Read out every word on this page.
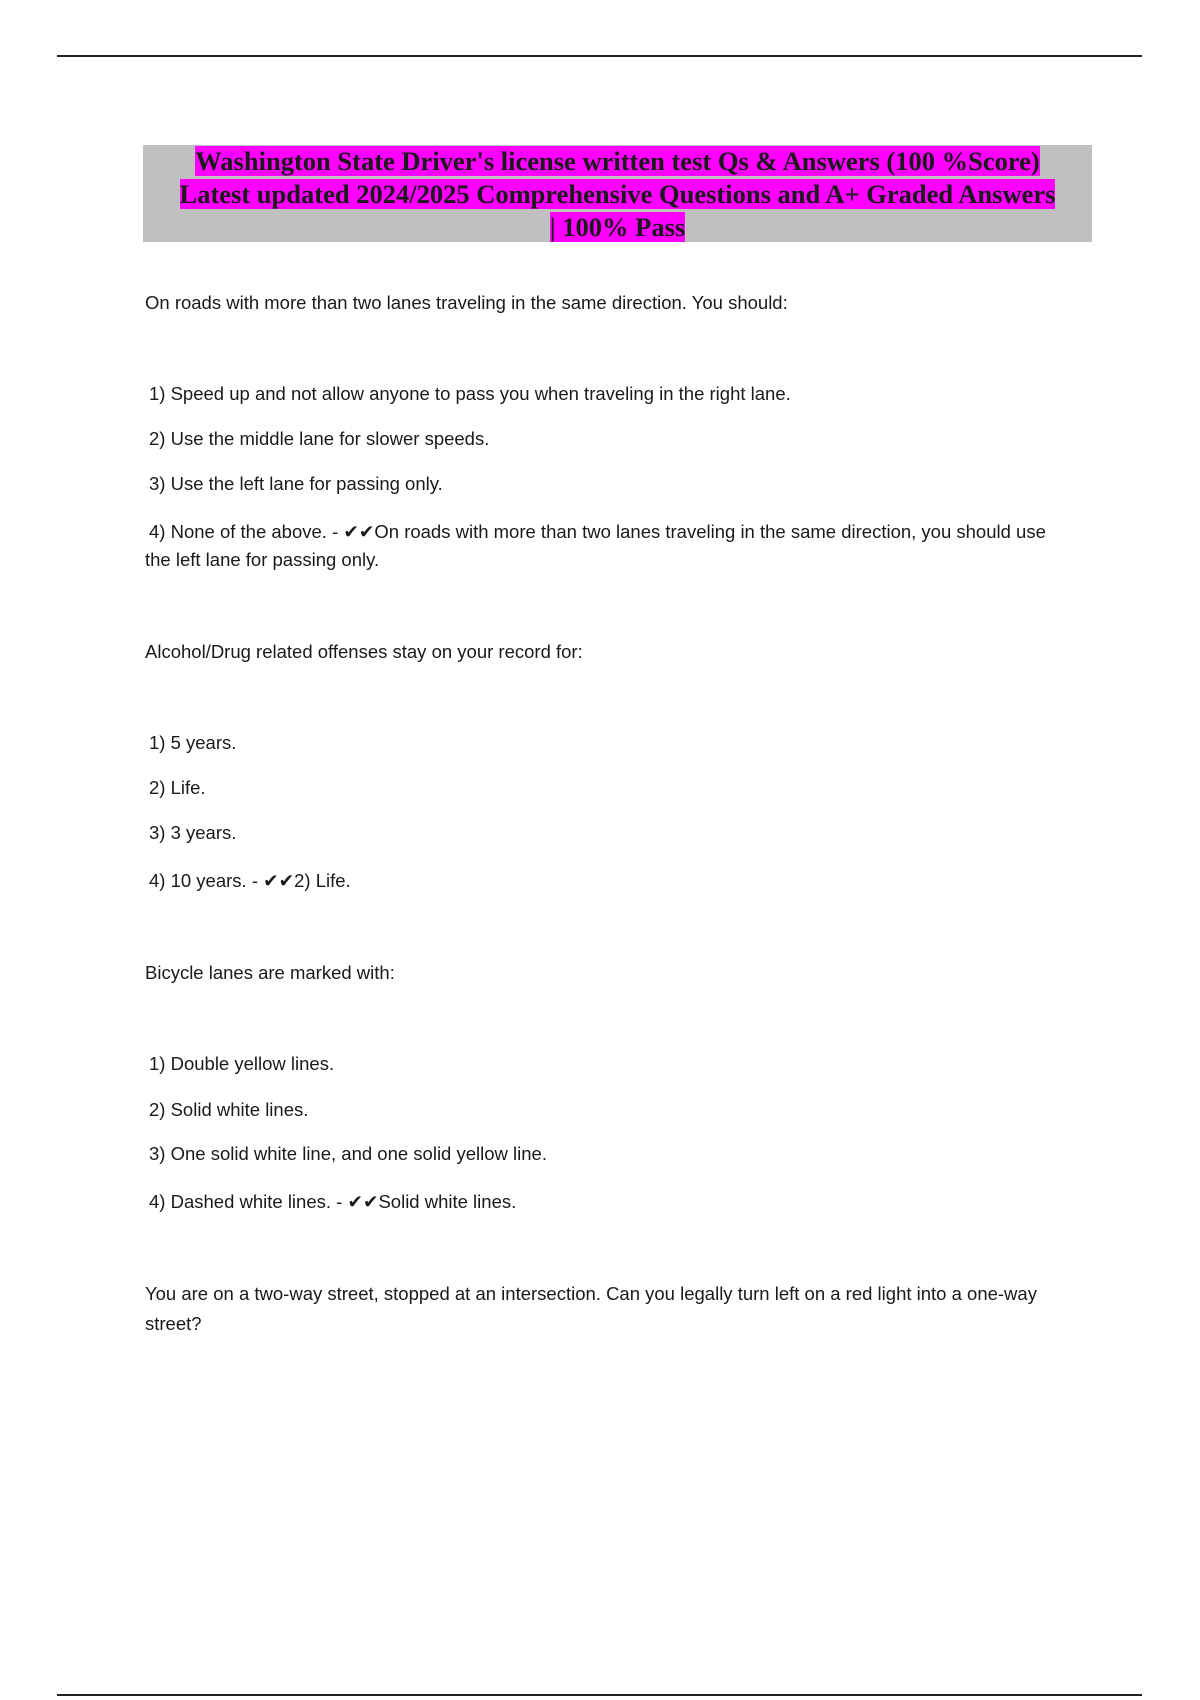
Washington State Driver's license written test Qs & Answers (100 %Score)
Latest updated 2024/2025 Comprehensive Questions and A+ Graded Answers
| 100% Pass

On roads with more than two lanes traveling in the same direction. You should:

1) Speed up and not allow anyone to pass you when traveling in the right lane.

2) Use the middle lane for slower speeds.

3) Use the left lane for passing only.

4) None of the above. - ✔✔On roads with more than two lanes traveling in the same direction, you should use the left lane for passing only.

Alcohol/Drug related offenses stay on your record for:

1) 5 years.

2) Life.

3) 3 years.

4) 10 years. - ✔✔2) Life.

Bicycle lanes are marked with:

1) Double yellow lines.

2) Solid white lines.

3) One solid white line, and one solid yellow line.

4) Dashed white lines. - ✔✔Solid white lines.

You are on a two-way street, stopped at an intersection. Can you legally turn left on a red light into a one-way street?
